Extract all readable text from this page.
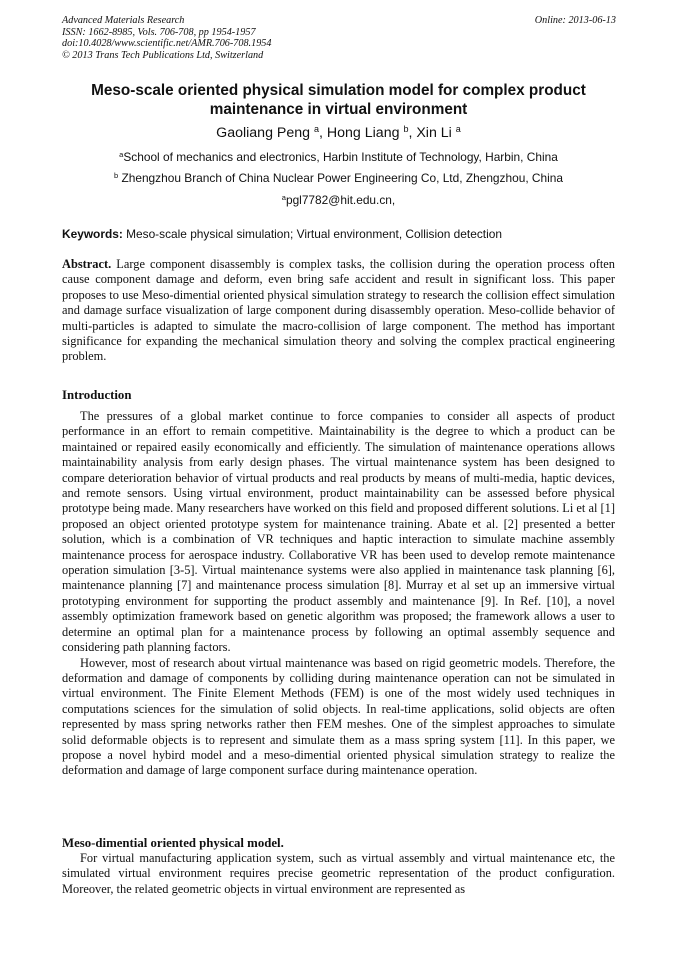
Advanced Materials Research
ISSN: 1662-8985, Vols. 706-708, pp 1954-1957
doi:10.4028/www.scientific.net/AMR.706-708.1954
© 2013 Trans Tech Publications Ltd, Switzerland
Online: 2013-06-13
Meso-scale oriented physical simulation model for complex product maintenance in virtual environment
Gaoliang Peng $^a$, Hong Liang $^b$, Xin Li $^a$
$^a$School of mechanics and electronics, Harbin Institute of Technology, Harbin, China
$^b$ Zhengzhou Branch of China Nuclear Power Engineering Co, Ltd, Zhengzhou, China
$^a$pgl7782@hit.edu.cn,
Keywords: Meso-scale physical simulation; Virtual environment, Collision detection
Abstract. Large component disassembly is complex tasks, the collision during the operation process often cause component damage and deform, even bring safe accident and result in significant loss. This paper proposes to use Meso-dimential oriented physical simulation strategy to research the collision effect simulation and damage surface visualization of large component during disassembly operation. Meso-collide behavior of multi-particles is adapted to simulate the macro-collision of large component. The method has important significance for expanding the mechanical simulation theory and solving the complex practical engineering problem.
Introduction

The pressures of a global market continue to force companies to consider all aspects of product performance in an effort to remain competitive. Maintainability is the degree to which a product can be maintained or repaired easily economically and efficiently. The simulation of maintenance operations allows maintainability analysis from early design phases. The virtual maintenance system has been designed to compare deterioration behavior of virtual products and real products by means of multi-media, haptic devices, and remote sensors. Using virtual environment, product maintainability can be assessed before physical prototype being made. Many researchers have worked on this field and proposed different solutions. Li et al [1] proposed an object oriented prototype system for maintenance training. Abate et al. [2] presented a better solution, which is a combination of VR techniques and haptic interaction to simulate machine assembly maintenance process for aerospace industry. Collaborative VR has been used to develop remote maintenance operation simulation [3-5]. Virtual maintenance systems were also applied in maintenance task planning [6], maintenance planning [7] and maintenance process simulation [8]. Murray et al set up an immersive virtual prototyping environment for supporting the product assembly and maintenance [9]. In Ref. [10], a novel assembly optimization framework based on genetic algorithm was proposed; the framework allows a user to determine an optimal plan for a maintenance process by following an optimal assembly sequence and considering path planning factors.

However, most of research about virtual maintenance was based on rigid geometric models. Therefore, the deformation and damage of components by colliding during maintenance operation can not be simulated in virtual environment. The Finite Element Methods (FEM) is one of the most widely used techniques in computations sciences for the simulation of solid objects. In real-time applications, solid objects are often represented by mass spring networks rather then FEM meshes. One of the simplest approaches to simulate solid deformable objects is to represent and simulate them as a mass spring system [11]. In this paper, we propose a novel hybird model and a meso-dimential oriented physical simulation strategy to realize the deformation and damage of large component surface during maintenance operation.

Meso-dimential oriented physical model.

For virtual manufacturing application system, such as virtual assembly and virtual maintenance etc, the simulated virtual environment requires precise geometric representation of the product configuration. Moreover, the related geometric objects in virtual environment are represented as
